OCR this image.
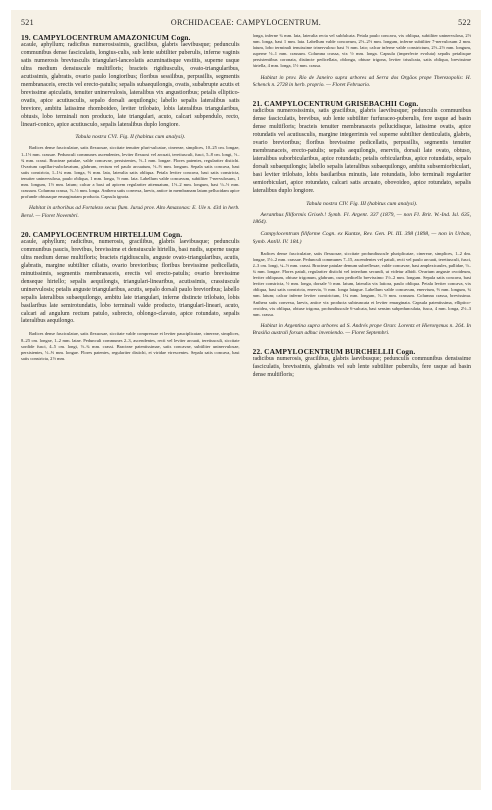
521	ORCHIDACEAE: CAMPYLOCENTRUM.	522

19. CAMPYLOCENTRUM AMAZONICUM Cogn.

acaule, aphyllum; radicibus numerosissimis, gracilibus, glabris laevibusque; pedunculis communibus dense fasciculatis, longius-culis, sub lente subtiliter puberulis, inferne vaginis satis numerosis breviusculis triangulari-lanceolatis acuminatisque vestitis, superne usque ultra medium densiuscule multifloris; bracteis rigidiusculis, ovato-triangularibus, acutissimis, glabratis, ovario paulo longioribus; floribus sessilibus, perpusillis, segmentis membranaceis, erectis vel erecto-patulis; sepalis subaequilongis, ovatis, subabrupte acutis et brevissime apiculatis, tenuiter uninervulosis, lateralibus vix angustioribus; petalis elliptico-ovatis, apice acutiusculis, sepalo dorsali aequilongis; labello sepalis lateralibus satis breviore, ambitu latissime rhomboideo, leviter trilobato, lobis lateralibus triangularibus, obtusis, lobo terminali non producto, late triangulari, acuto, calcari subpendulo, recto, lineari-conico, apice acutiusculo, sepalis lateralibus duplo longiore.

Tabula nostra CVI. Fig. II (habitus cum analysi).

Radices dense fasciculatae, satis flexuosae, siccitate tenuiter pluri-sulcatae, cinereae, simplices, 10–25 cm. longae, 1–1½ mm. crassae. Pedunculi communes ascendentes, leviter flexuosi vel arcuati, teretiusculi, fusci, 5–8 cm. longi, ½–¾ mm. crassi. Bracteae patulae, valde concavae, persistentes, ½–1 mm. longae. Flores patentes, regulariter distichi. Ovarium capillari-subclavatum, glabrum, rectum vel paulo arcuatum, ½–⅔ mm. longum. Sepala satis concava, basi satis constricta, 1–1¼ mm. longa, ⅔ mm. lata, lateralia satis obliqua. Petala leviter concava, basi satis constricta, tenuiter uninervulosa, paulo obliqua, 1 mm. longa, ½ mm. lata. Labellum valde concavum, subtiliter 7-nervulosum, 1 mm. longum, 1½ mm. latum; calcar a basi ad apicem regulariter attenuatum, 1½–2 mm. longum, basi ⅓–½ mm. crassum. Columna crassa, ⅓–⅓ mm. longa. Anthera satis convexa, laevis, antice in membranam latam pellucidam apice profunde obtusaque emarginatam producta. Capsula ignota.

Habitat in arboribus ad Fortalezo secus flum. Juruá prov. Alto Amazonas: E. Ule n. 434 in herb. Berol. — Floret Novembri.

20. CAMPYLOCENTRUM HIRTELLUM Cogn.

acaule, aphyllum; radicibus, numerosis, gracilibus, glabris laevibusque; pedunculis communibus paucis, brevibus, brevissime et densiuscule hirtellis, basi nudis, superne usque ultra medium dense multifloris; bracteis rigidiusculis, anguste ovato-triangularibus, acutis, glabratis, margine subtiliter ciliatis, ovario brevioribus; floribus brevissime pedicellatis, minutissimis, segmentis membranaceis, erectis vel erecto-patulis; ovario brevissime denseque hirtello; sepalis aequilongis, triangulari-linearibus, acutissimis, crassiuscule uninervulosis; petalis anguste triangularibus, acutis, sepalo dorsali paulo brevioribus; labello sepalis lateralibus subaequilongo, ambitu late triangulari, inferne distincte trilobato, lobis basilaribus late semirotundatis, lobo terminali valde producto, triangulari-lineari, acuto, calcari ad angulum rectum patulo, subrecto, oblongo-clavato, apice rotundato, sepalis lateralibus aequilongo.

Radices dense fasciculatae, satis flexuosae, siccitate valde compressae et leviter pauciplicatae, cinereae, simplices, 8–25 cm. longae, 1–2 mm. latae. Pedunculi communes 2–3, ascendentes, recti vel leviter arcuati, teretiusculi, siccitate sordide fusci, 4–5 cm. longi, ½–¾ mm. crassi. Bracteae patentissimae, satis concavae, subtiliter uninervulosae, persistentes, ⅓–⅔ mm. longae. Flores patentes, regulariter distichi, et viridae virescentes. Sepala satis concava, basi satis constricta, 2½ mm.

longa, inferne ¾ mm. lata, lateralia recta vel subfalcata. Petala paulo concava, vix obliqua, subtiliter uninervulosa, 2½ mm. longa, basi 1 mm. lata. Labellum valde concavum, 2½–2½ mm. longum, inferne subtiliter 7-nervulosum 2 mm. latum, lobo terminali tenuissime trinervuloso basi ½ mm. lato; calcar inferne valde constrictum, 2½–2½ mm. longum, superne ½–1 mm. crassum. Columna crassa, vix ½ mm. longa. Capsula (imperfecte evoluta) sepalis petalisque persistentibus coronata, distincte pedicellata, oblonga, obtuse trigona, leviter trisulcata, satis obliqua, brevissime hirtella, 4 mm. longa, 1½ mm. crassa.

Habitat in prov. Rio de Janeiro supra arbores ad Serra dos Orgãos prope Therezopolis: H. Schenck n. 2728 in herb. proprio. — Floret Februario.

21. CAMPYLOCENTRUM GRISEBACHII Cogn.

radicibus numerosissimis, satis gracilibus, glabris laevibusque; pedunculis communibus dense fasciculatis, brevibus, sub lente subtiliter furfuraceo-puberulis, fere usque ad basin dense multifloris; bracteis tenuiter membranaceis pellucidisque, latissime ovatis, apice rotundatis vel acutiusculis, margine integerrimis vel superne subtiliter denticulatis, glabris, ovario brevioribus; floribus brevissime pedicellatis, perpusillis, segmentis tenuiter membranaceis, erecto-patulis; sepalis aequilongis, enerviis, dorsali late ovato, obtuso, lateralibus suborbicularibus, apice rotundatis; petalis orbicularibus, apice rotundatis, sepalo dorsali subaequilongis; labello sepalis lateralibus subaequilongo, ambitu subsemiorbiculari, basi leviter trilobato, lobis basilaribus minutis, late rotundatis, lobo terminali regulariter semiorbiculari, apice rotundato, calcari satis arcuato, obovoideo, apice rotundato, sepalis lateralibus duplo longiore.

Tabula nostra CIV. Fig. III (habitus cum analysi).

Aeranthus filiformis Griseb.! Symb. Fl. Argent. 337 (1879, — non Fl. Brit. W.-Ind. Isl. 635, 1864).

Campylocentrum filiforme Cogn. ex Kuntze, Rev. Gen. Pl. III. 398 (1898, — non in Urban, Symb. Antill. IV. 184.)

Radices dense fasciculatae, satis flexuosae, siccitate profundiuscule pluriplicatae, cinereae, simplices, 1–2 dm. longae, 1½–2 mm. crassae. Pedunculi communes 7–15, ascendentes vel patuli, recti vel paulo arcuati, teretiusculi, fusci, 2–3 cm. longi, ¼–½ mm. crassi. Bracteae patulae demum subreflexae, valde concavae, basi amplexicaules, pallidae, ½–¾ mm. longae. Flores patuli, regulariter distichi vel interdum secundi, ut videtur albidi. Ovarium anguste ovoideum, leviter obliquum, obtuse trigonum, glabrum, cum pedicello brevissimo 1½–2 mm. longum. Sepala satis concava, basi leviter constricta, ½ mm. longa, dorsale ½ mm. latum, lateralia vix latiora, paulo obliqua. Petala leviter concava, vix obliqua, basi satis constricta, enervia, ½ mm. longa latague. Labellum valde concavum, enervium, ⅔ mm. longum, ¾ mm. latum; calcar inferne leviter constrictum, 1¼ mm. longum, ⅓–½ mm. crassum. Columna crassa, brevissima. Anthera satis convexa, laevis, antice vix producta subtruncata et leviter emarginata. Capsula patentissima, elliptico-ovoidea, vix obliqua, obtuse trigona, profundiuscule 6-sulcata, basi sensim subpedunculata, fusca, 4 mm. longa, 2½–3 mm. crassa.

Habitat in Argentina supra arbores ad S. Andrés prope Oran: Lorentz et Hieronymus n. 264. In Brasilia australi forsan adhuc inveniendo. — Floret Septembri.

22. CAMPYLOCENTRUM BURCHELLII Cogn.

radicibus numerosis, gracilibus, glabris laevibusque; pedunculis communibus densissime fasciculatis, brevissimis, glabratis vel sub lente subtiliter puberulis, fere usque ad basin dense multifloris;
